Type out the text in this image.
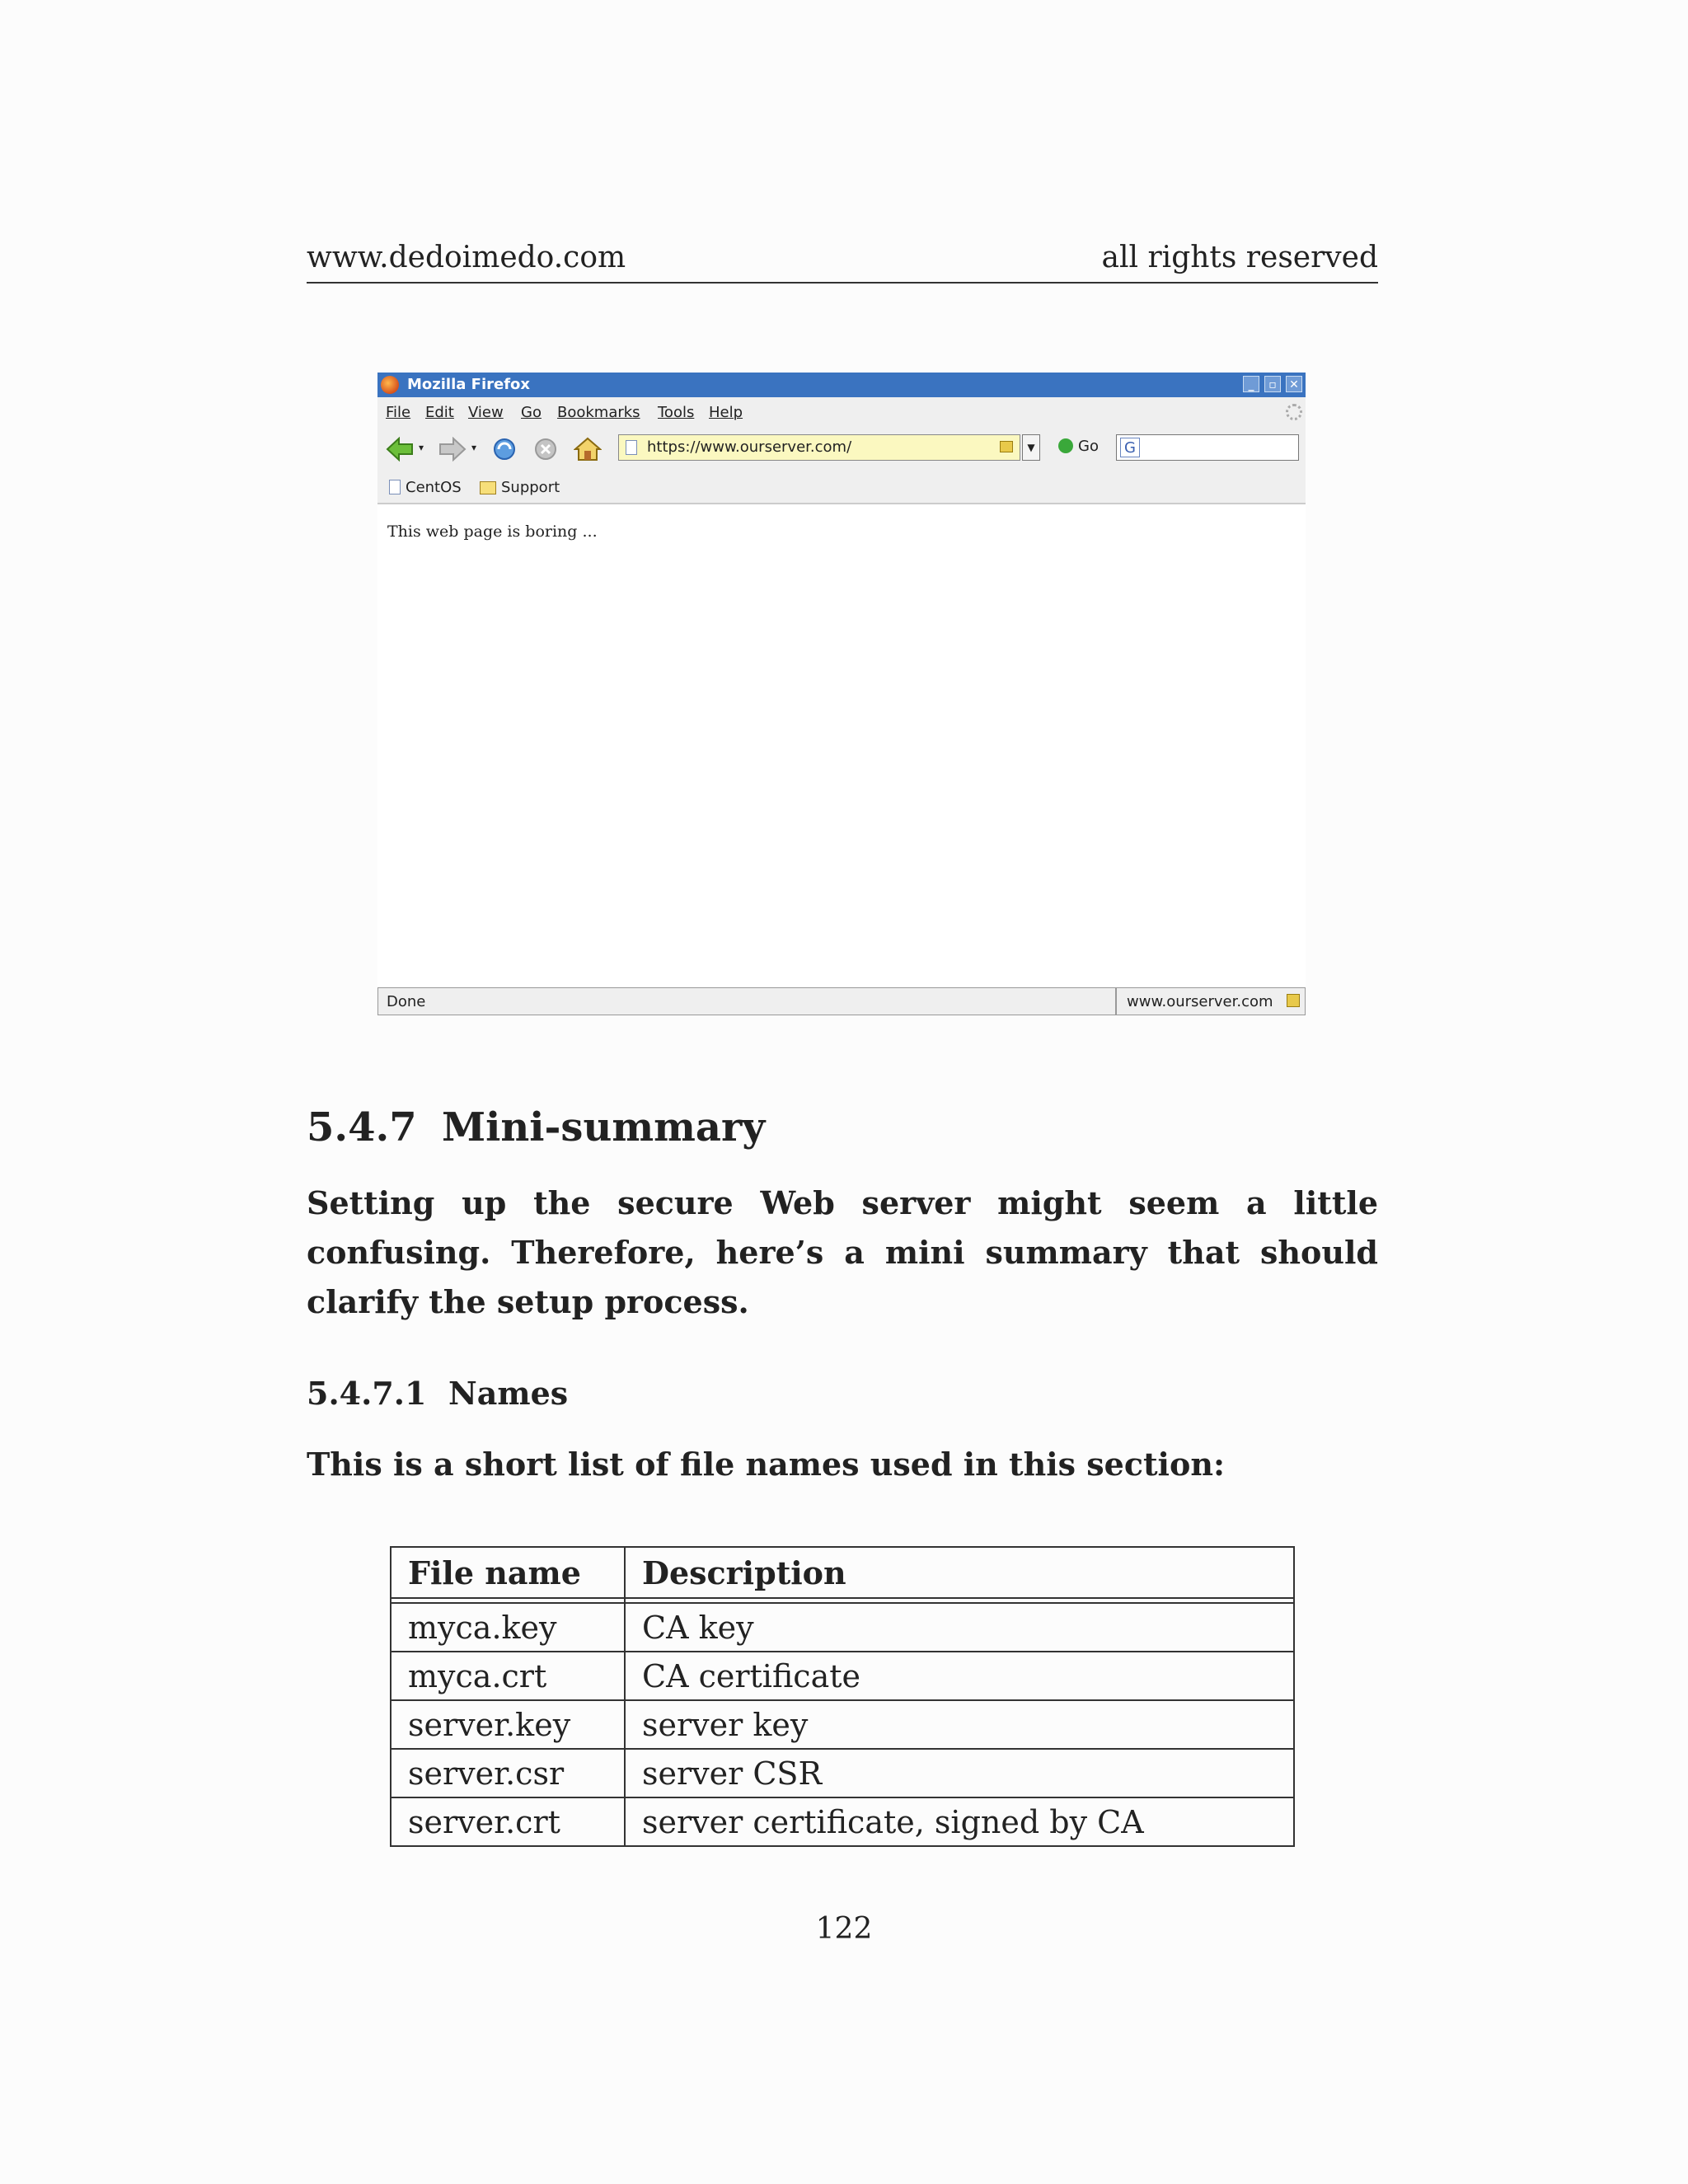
www.dedoimedo.com	all rights reserved
Mozilla Firefox	_	▫	✕
File Edit View Go Bookmarks Tools Help
▾	▾	https://www.ourserver.com/	▼	Go G
CentOS	Support
This web page is boring ...
Done	www.ourserver.com
5.4.7 Mini-summary
Setting up the secure Web server might seem a little confusing. Therefore, here’s a mini summary that should clarify the setup process.
5.4.7.1 Names
This is a short list of file names used in this section:
File name	Description

myca.key	CA key
myca.crt	CA certificate
server.key	server key
server.csr	server CSR
server.crt	server certificate, signed by CA
122
